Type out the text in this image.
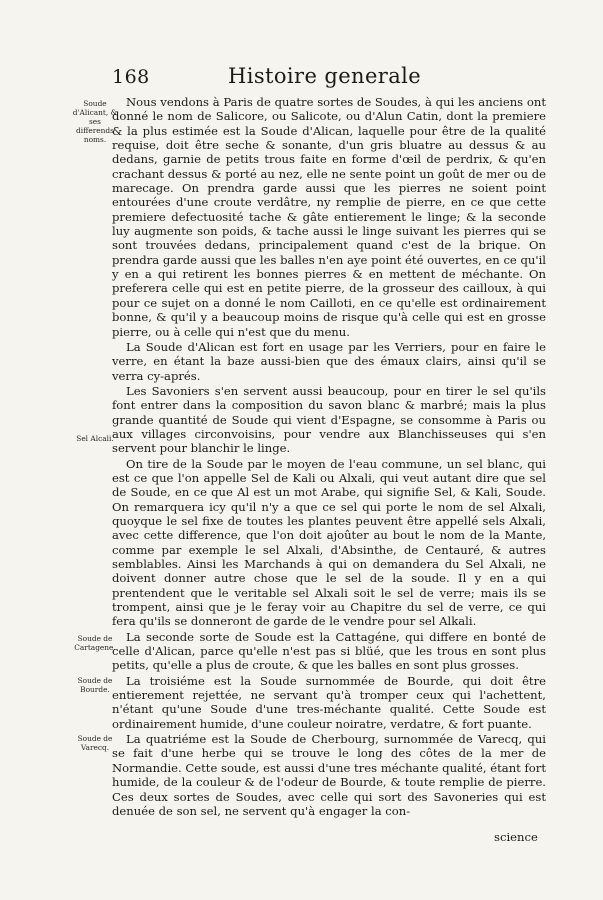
168	Histoire generale
Soude d'Alicant, & ses differends noms.
Sel Alcali.
Soude de Cartagene.
Soude de Bourde.
Soude de Varecq.

Nous vendons à Paris de quatre sortes de Soudes, à qui les anciens ont donné le nom de Salicore, ou Salicote, ou d'Alun Catin, dont la premiere & la plus estimée est la Soude d'Alican, laquelle pour être de la qualité requise, doit être seche & sonante, d'un gris bluatre au dessus & au dedans, garnie de petits trous faite en forme d'œil de perdrix, & qu'en crachant dessus & porté au nez, elle ne sente point un goût de mer ou de marecage. On prendra garde aussi que les pierres ne soient point entourées d'une croute verdâtre, ny remplie de pierre, en ce que cette premiere defectuosité tache & gâte entierement le linge; & la seconde luy augmente son poids, & tache aussi le linge suivant les pierres qui se sont trouvées dedans, principalement quand c'est de la brique. On prendra garde aussi que les balles n'en aye point été ouvertes, en ce qu'il y en a qui retirent les bonnes pierres & en mettent de méchante. On preferera celle qui est en petite pierre, de la grosseur des cailloux, à qui pour ce sujet on a donné le nom Cailloti, en ce qu'elle est ordinairement bonne, & qu'il y a beaucoup moins de risque qu'à celle qui est en grosse pierre, ou à celle qui n'est que du menu.

La Soude d'Alican est fort en usage par les Verriers, pour en faire le verre, en étant la baze aussi-bien que des émaux clairs, ainsi qu'il se verra cy-aprés.

Les Savoniers s'en servent aussi beaucoup, pour en tirer le sel qu'ils font entrer dans la composition du savon blanc & marbré; mais la plus grande quantité de Soude qui vient d'Espagne, se consomme à Paris ou aux villages circonvoisins, pour vendre aux Blanchisseuses qui s'en servent pour blanchir le linge.

On tire de la Soude par le moyen de l'eau commune, un sel blanc, qui est ce que l'on appelle Sel de Kali ou Alxali, qui veut autant dire que sel de Soude, en ce que Al est un mot Arabe, qui signifie Sel, & Kali, Soude. On remarquera icy qu'il n'y a que ce sel qui porte le nom de sel Alxali, quoyque le sel fixe de toutes les plantes peuvent être appellé sels Alxali, avec cette difference, que l'on doit ajoûter au bout le nom de la Mante, comme par exemple le sel Alxali, d'Absinthe, de Centauré, & autres semblables. Ainsi les Marchands à qui on demandera du Sel Alxali, ne doivent donner autre chose que le sel de la soude. Il y en a qui prentendent que le veritable sel Alxali soit le sel de verre; mais ils se trompent, ainsi que je le feray voir au Chapitre du sel de verre, ce qui fera qu'ils se donneront de garde de le vendre pour sel Alkali.

La seconde sorte de Soude est la Cattagéne, qui differe en bonté de celle d'Alican, parce qu'elle n'est pas si blüé, que les trous en sont plus petits, qu'elle a plus de croute, & que les balles en sont plus grosses.

La troisiéme est la Soude surnommée de Bourde, qui doit être entierement rejettée, ne servant qu'à tromper ceux qui l'achettent, n'étant qu'une Soude d'une tres-méchante qualité. Cette Soude est ordinairement humide, d'une couleur noiratre, verdatre, & fort puante.

La quatriéme est la Soude de Cherbourg, surnommée de Varecq, qui se fait d'une herbe qui se trouve le long des côtes de la mer de Normandie. Cette soude, est aussi d'une tres méchante qualité, étant fort humide, de la couleur & de l'odeur de Bourde, & toute remplie de pierre. Ces deux sortes de Soudes, avec celle qui sort des Savoneries qui est denuée de son sel, ne servent qu'à engager la con-

science
